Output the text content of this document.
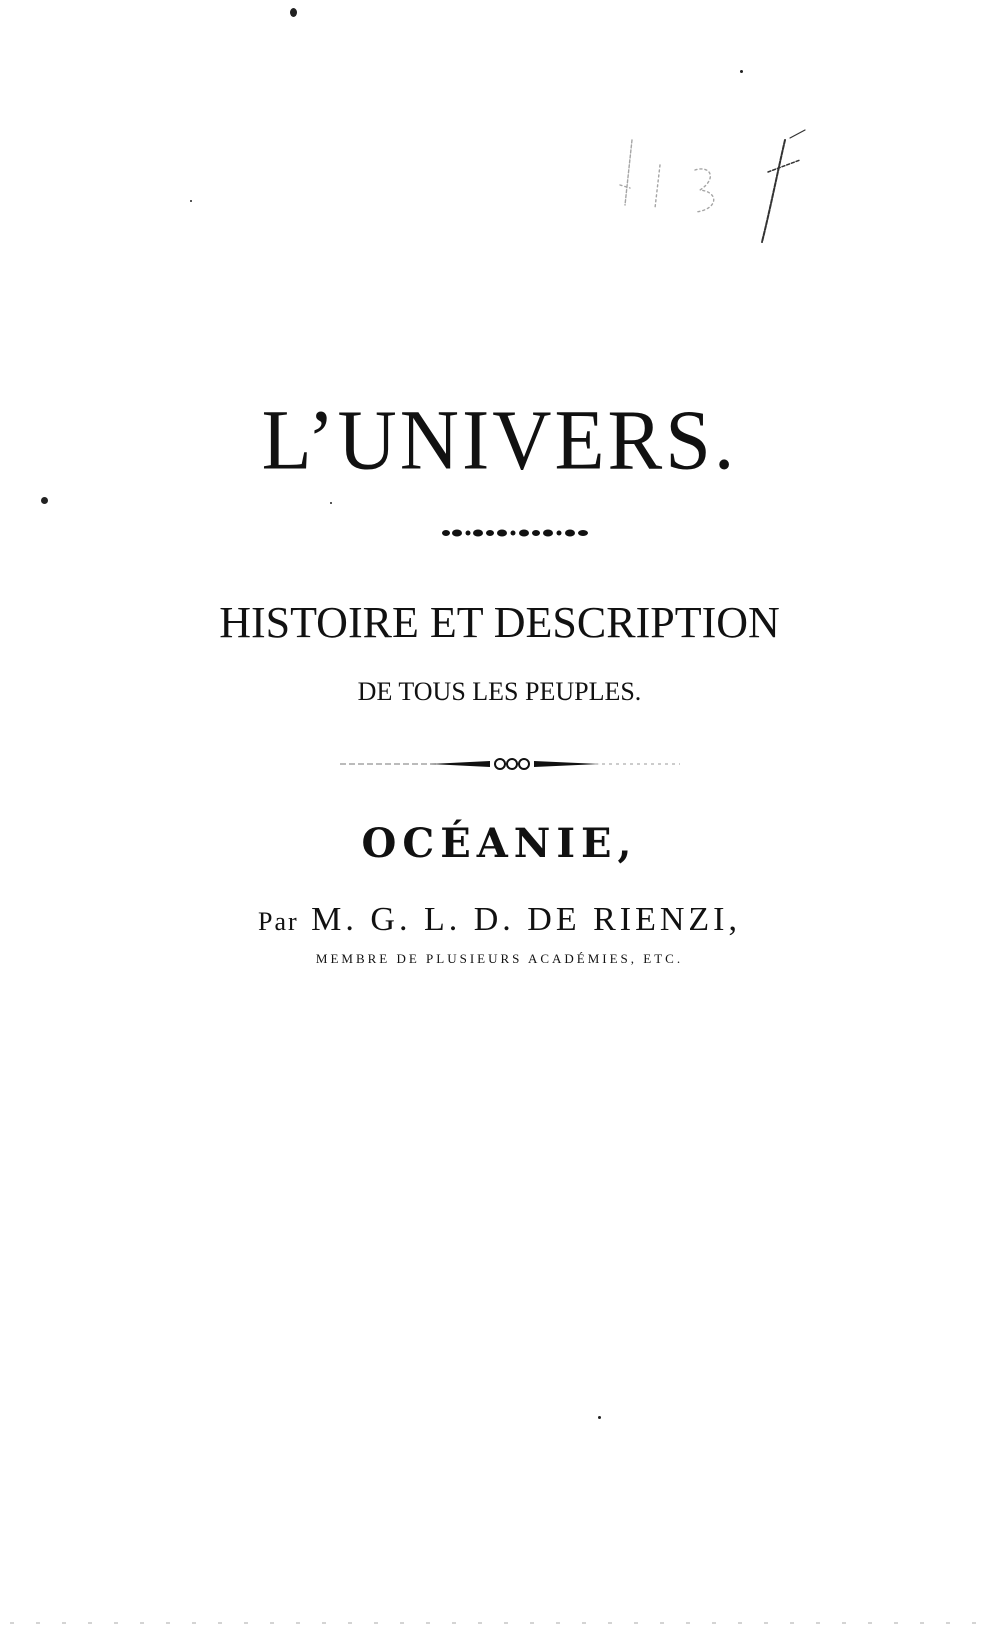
L’UNIVERS.
HISTOIRE ET DESCRIPTION
DE TOUS LES PEUPLES.
OCÉANIE,
Par M. G. L. D. DE RIENZI,
MEMBRE DE PLUSIEURS ACADÉMIES, ETC.
